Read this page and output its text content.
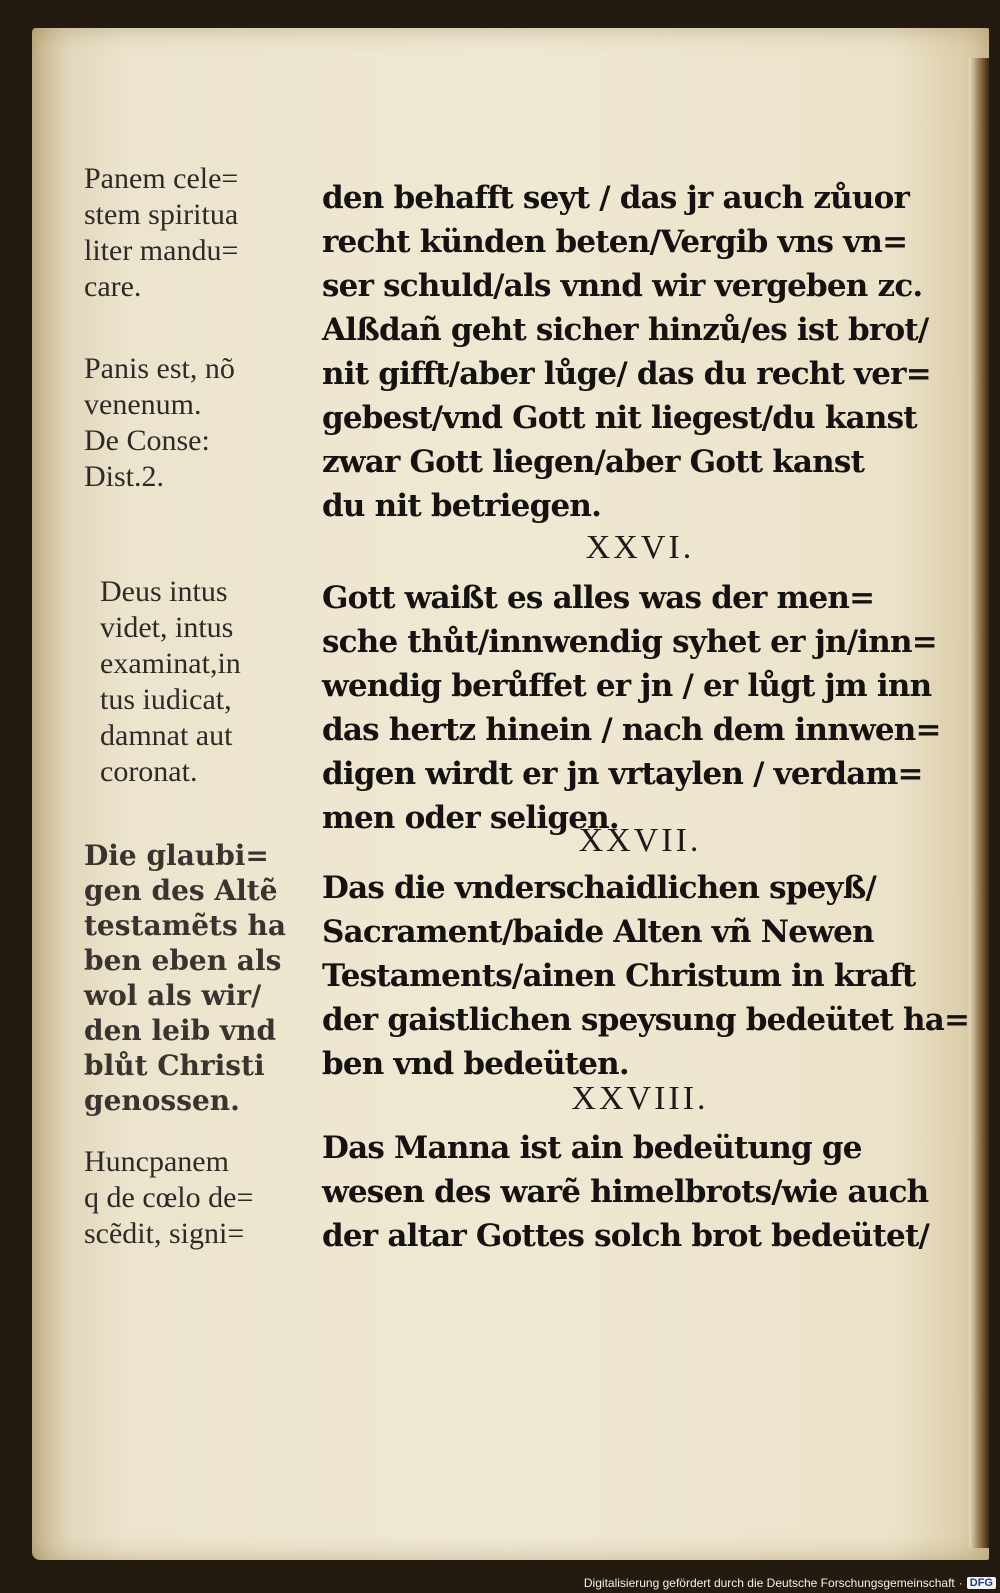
Panem cele=
stem spiritua
liter mandu=
care.
Panis est, nõ
venenum.
De Conse:
Dist.2.
Deus intus
videt, intus
examinat,in
tus iudicat,
damnat aut
coronat.
Die glaubi=
gen des Altẽ
testamẽts ha
ben eben als
wol als wir/
den leib vnd
blůt Christi
genossen.
Huncpanem
q de cœlo de=
scẽdit, signi=
den behafft seyt / das jr auch zůuor
recht künden beten/Vergib vns vn=
ser schuld/als vnnd wir vergeben zc.
Alßdañ geht sicher hinzů/es ist brot/
nit gifft/aber lůge/ das du recht ver=
gebest/vnd Gott nit liegest/du kanst
zwar Gott liegen/aber Gott kanst
du nit betriegen.
XXVI.
Gott waißt es alles was der men=
sche thůt/innwendig syhet er jn/inn=
wendig berůffet er jn / er lůgt jm inn
das hertz hinein / nach dem innwen=
digen wirdt er jn vrtaylen / verdam=
men oder seligen.
XXVII.
Das die vnderschaidlichen speyß/
Sacrament/baide Alten vñ Newen
Testaments/ainen Christum in kraft
der gaistlichen speysung bedeütet ha=
ben vnd bedeüten.
XXVIII.
Das Manna ist ain bedeütung ge
wesen des warẽ himelbrots/wie auch
der altar Gottes solch brot bedeütet/
Digitalisierung gefördert durch die Deutsche Forschungsgemeinschaft · DFG
